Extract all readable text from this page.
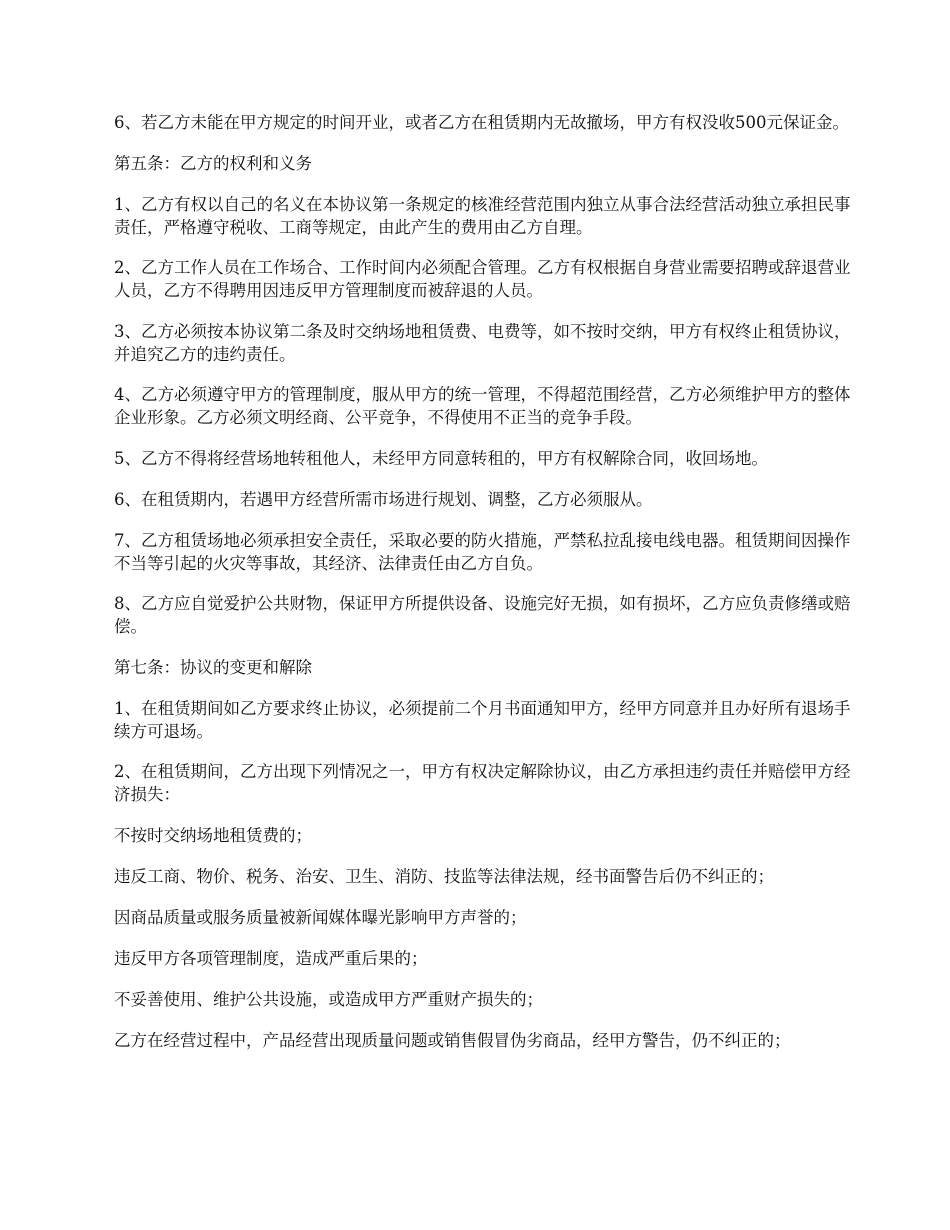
6、若乙方未能在甲方规定的时间开业，或者乙方在租赁期内无故撤场，甲方有权没收500元保证金。

第五条：乙方的权利和义务

1、乙方有权以自己的名义在本协议第一条规定的核准经营范围内独立从事合法经营活动独立承担民事责任，严格遵守税收、工商等规定，由此产生的费用由乙方自理。

2、乙方工作人员在工作场合、工作时间内必须配合管理。乙方有权根据自身营业需要招聘或辞退营业人员，乙方不得聘用因违反甲方管理制度而被辞退的人员。

3、乙方必须按本协议第二条及时交纳场地租赁费、电费等，如不按时交纳，甲方有权终止租赁协议，并追究乙方的违约责任。

4、乙方必须遵守甲方的管理制度，服从甲方的统一管理，不得超范围经营，乙方必须维护甲方的整体企业形象。乙方必须文明经商、公平竞争，不得使用不正当的竞争手段。

5、乙方不得将经营场地转租他人，未经甲方同意转租的，甲方有权解除合同，收回场地。

6、在租赁期内，若遇甲方经营所需市场进行规划、调整，乙方必须服从。

7、乙方租赁场地必须承担安全责任，采取必要的防火措施，严禁私拉乱接电线电器。租赁期间因操作不当等引起的火灾等事故，其经济、法律责任由乙方自负。

8、乙方应自觉爱护公共财物，保证甲方所提供设备、设施完好无损，如有损坏，乙方应负责修缮或赔偿。

第七条：协议的变更和解除

1、在租赁期间如乙方要求终止协议，必须提前二个月书面通知甲方，经甲方同意并且办好所有退场手续方可退场。

2、在租赁期间，乙方出现下列情况之一，甲方有权决定解除协议，由乙方承担违约责任并赔偿甲方经济损失：

不按时交纳场地租赁费的；

违反工商、物价、税务、治安、卫生、消防、技监等法律法规，经书面警告后仍不纠正的；

因商品质量或服务质量被新闻媒体曝光影响甲方声誉的；

违反甲方各项管理制度，造成严重后果的；

不妥善使用、维护公共设施，或造成甲方严重财产损失的；

乙方在经营过程中，产品经营出现质量问题或销售假冒伪劣商品，经甲方警告，仍不纠正的；
